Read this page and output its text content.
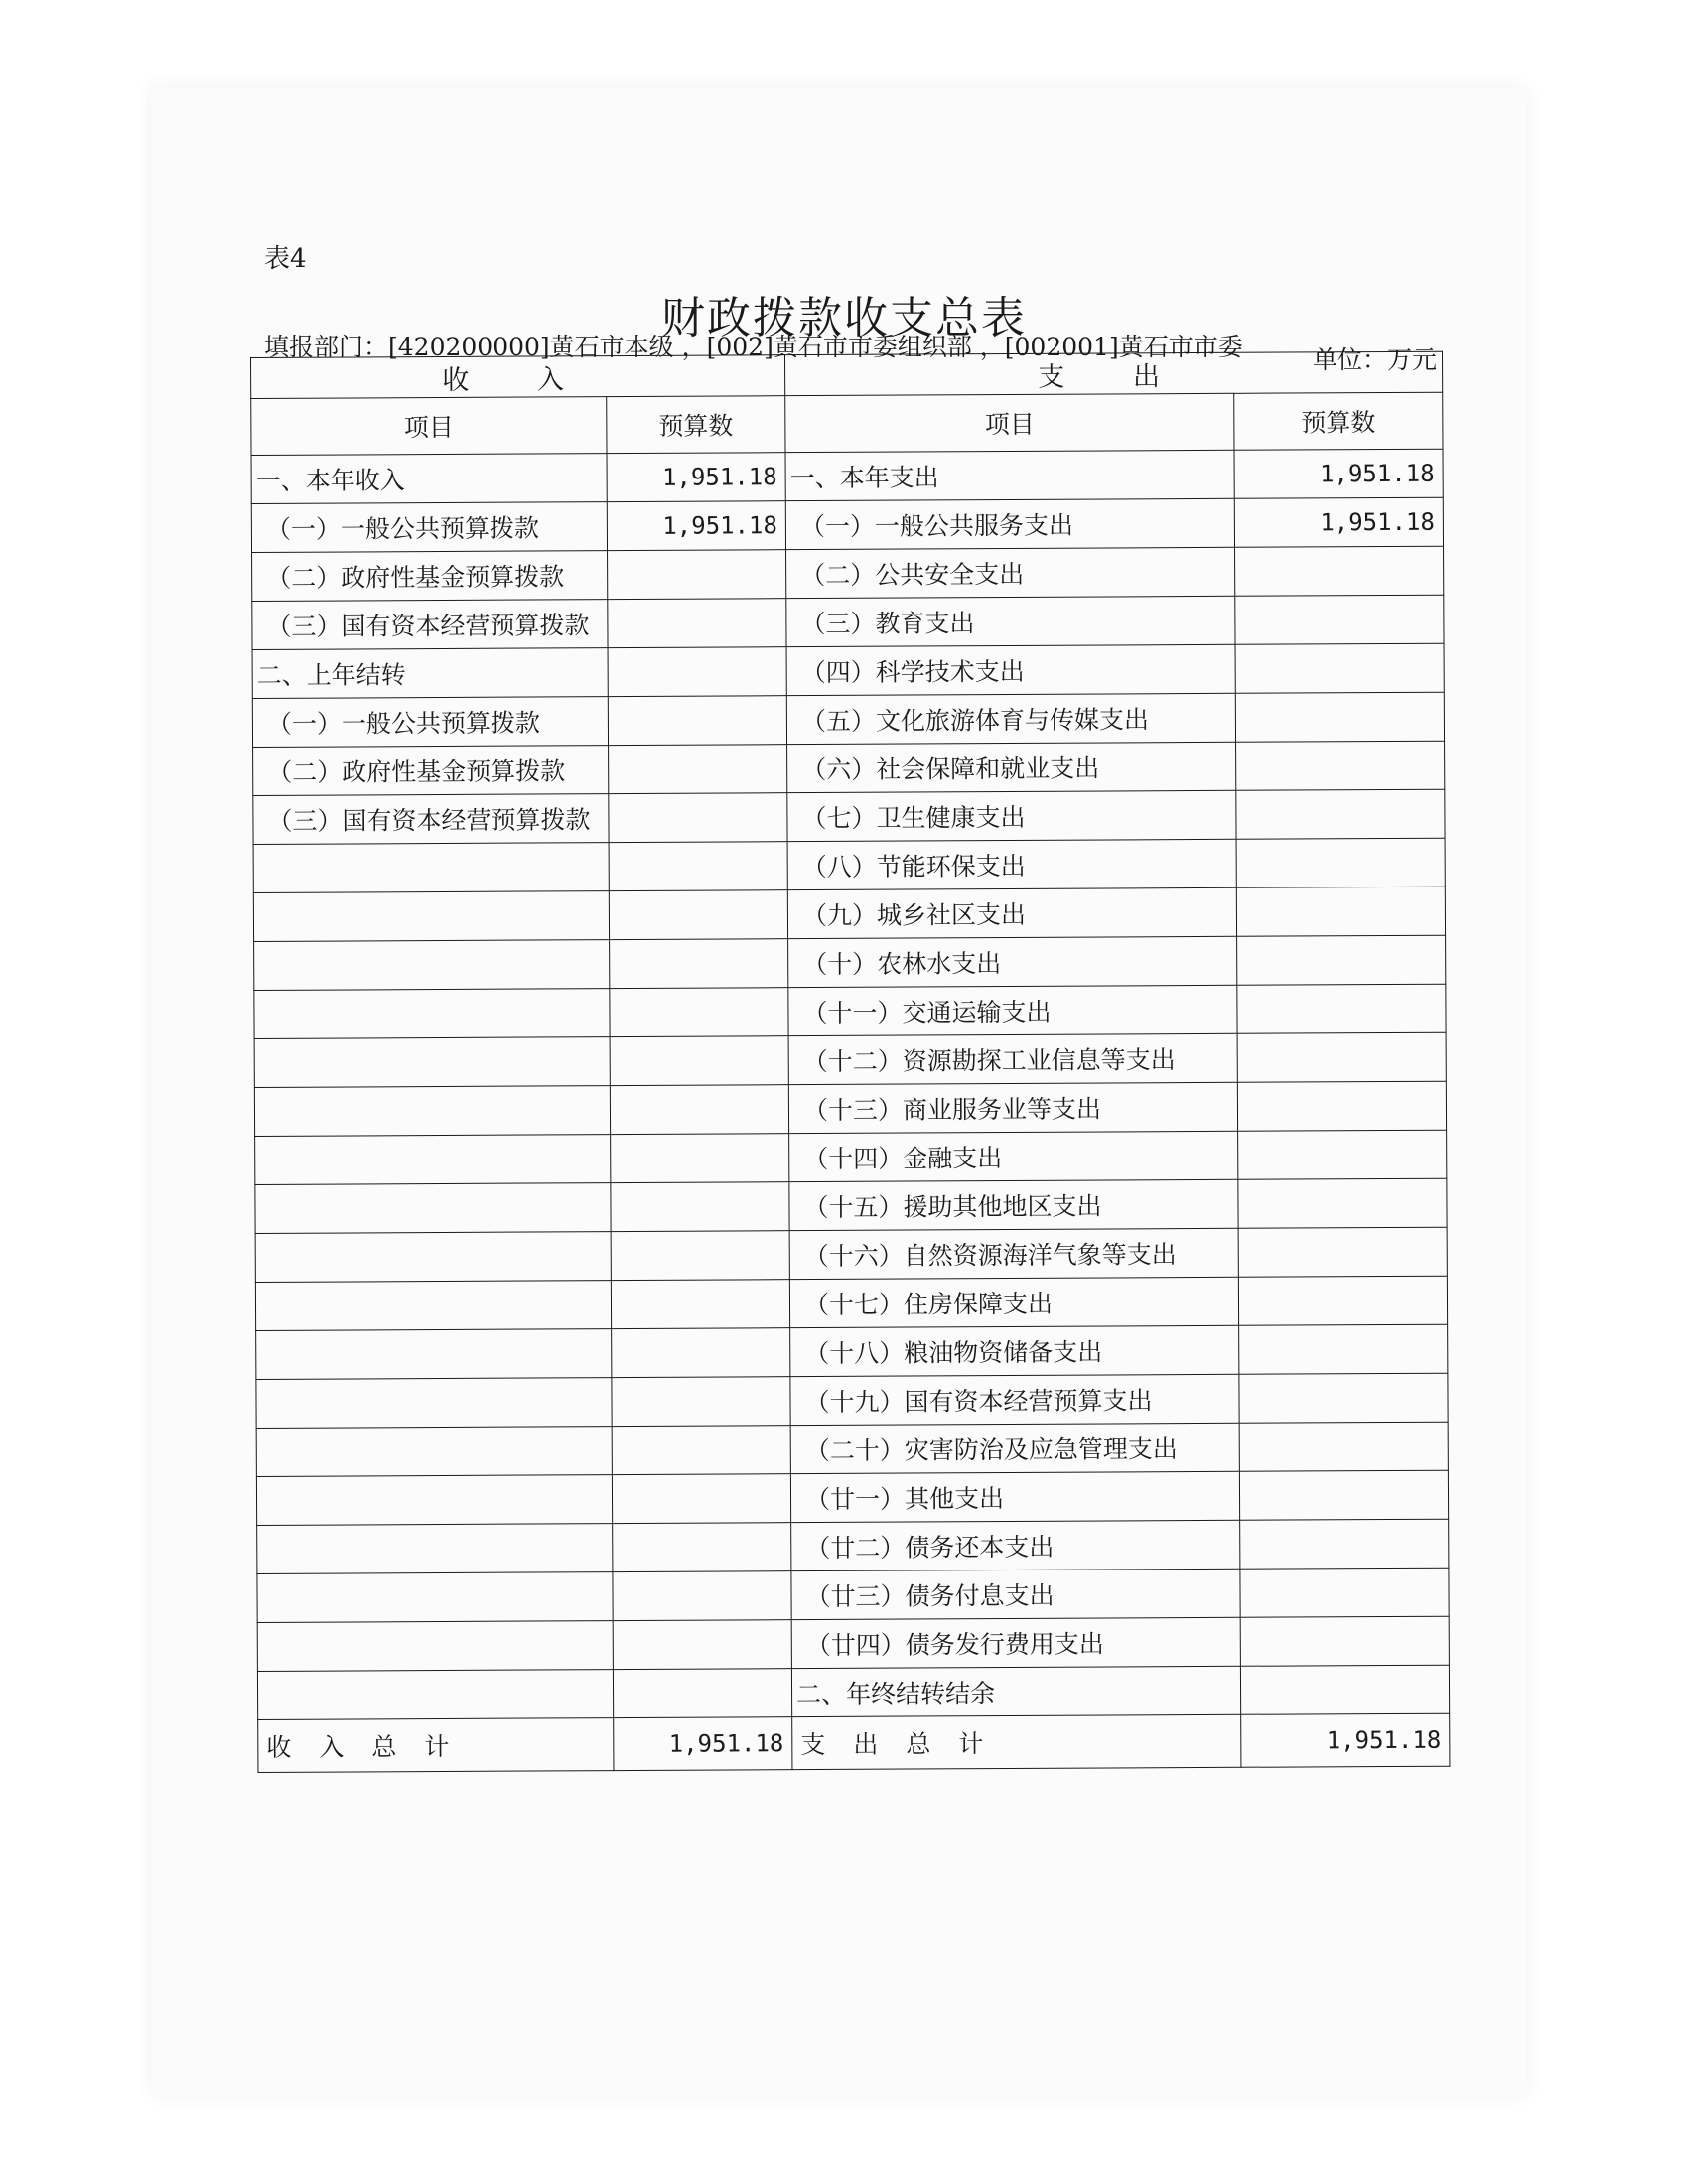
表4
财政拨款收支总表
填报部门：[420200000]黄石市本级 ，[002]黄石市市委组织部 ，[002001]黄石市市委	单位：万元
收 入		支 出	
项目	预算数	项目	预算数
一、本年收入	1,951.18	一、本年支出	1,951.18
（一）一般公共预算拨款	1,951.18	（一）一般公共服务支出	1,951.18
（二）政府性基金预算拨款		（二）公共安全支出	
（三）国有资本经营预算拨款		（三）教育支出	
二、上年结转		（四）科学技术支出	
（一）一般公共预算拨款		（五）文化旅游体育与传媒支出	
（二）政府性基金预算拨款		（六）社会保障和就业支出	
（三）国有资本经营预算拨款		（七）卫生健康支出	
		（八）节能环保支出	
		（九）城乡社区支出	
		（十）农林水支出	
		（十一）交通运输支出	
		（十二）资源勘探工业信息等支出	
		（十三）商业服务业等支出	
		（十四）金融支出	
		（十五）援助其他地区支出	
		（十六）自然资源海洋气象等支出	
		（十七）住房保障支出	
		（十八）粮油物资储备支出	
		（十九）国有资本经营预算支出	
		（二十）灾害防治及应急管理支出	
		（廿一）其他支出	
		（廿二）债务还本支出	
		（廿三）债务付息支出	
		（廿四）债务发行费用支出	
		二、年终结转结余	
收入总计	1,951.18	支出总计	1,951.18
